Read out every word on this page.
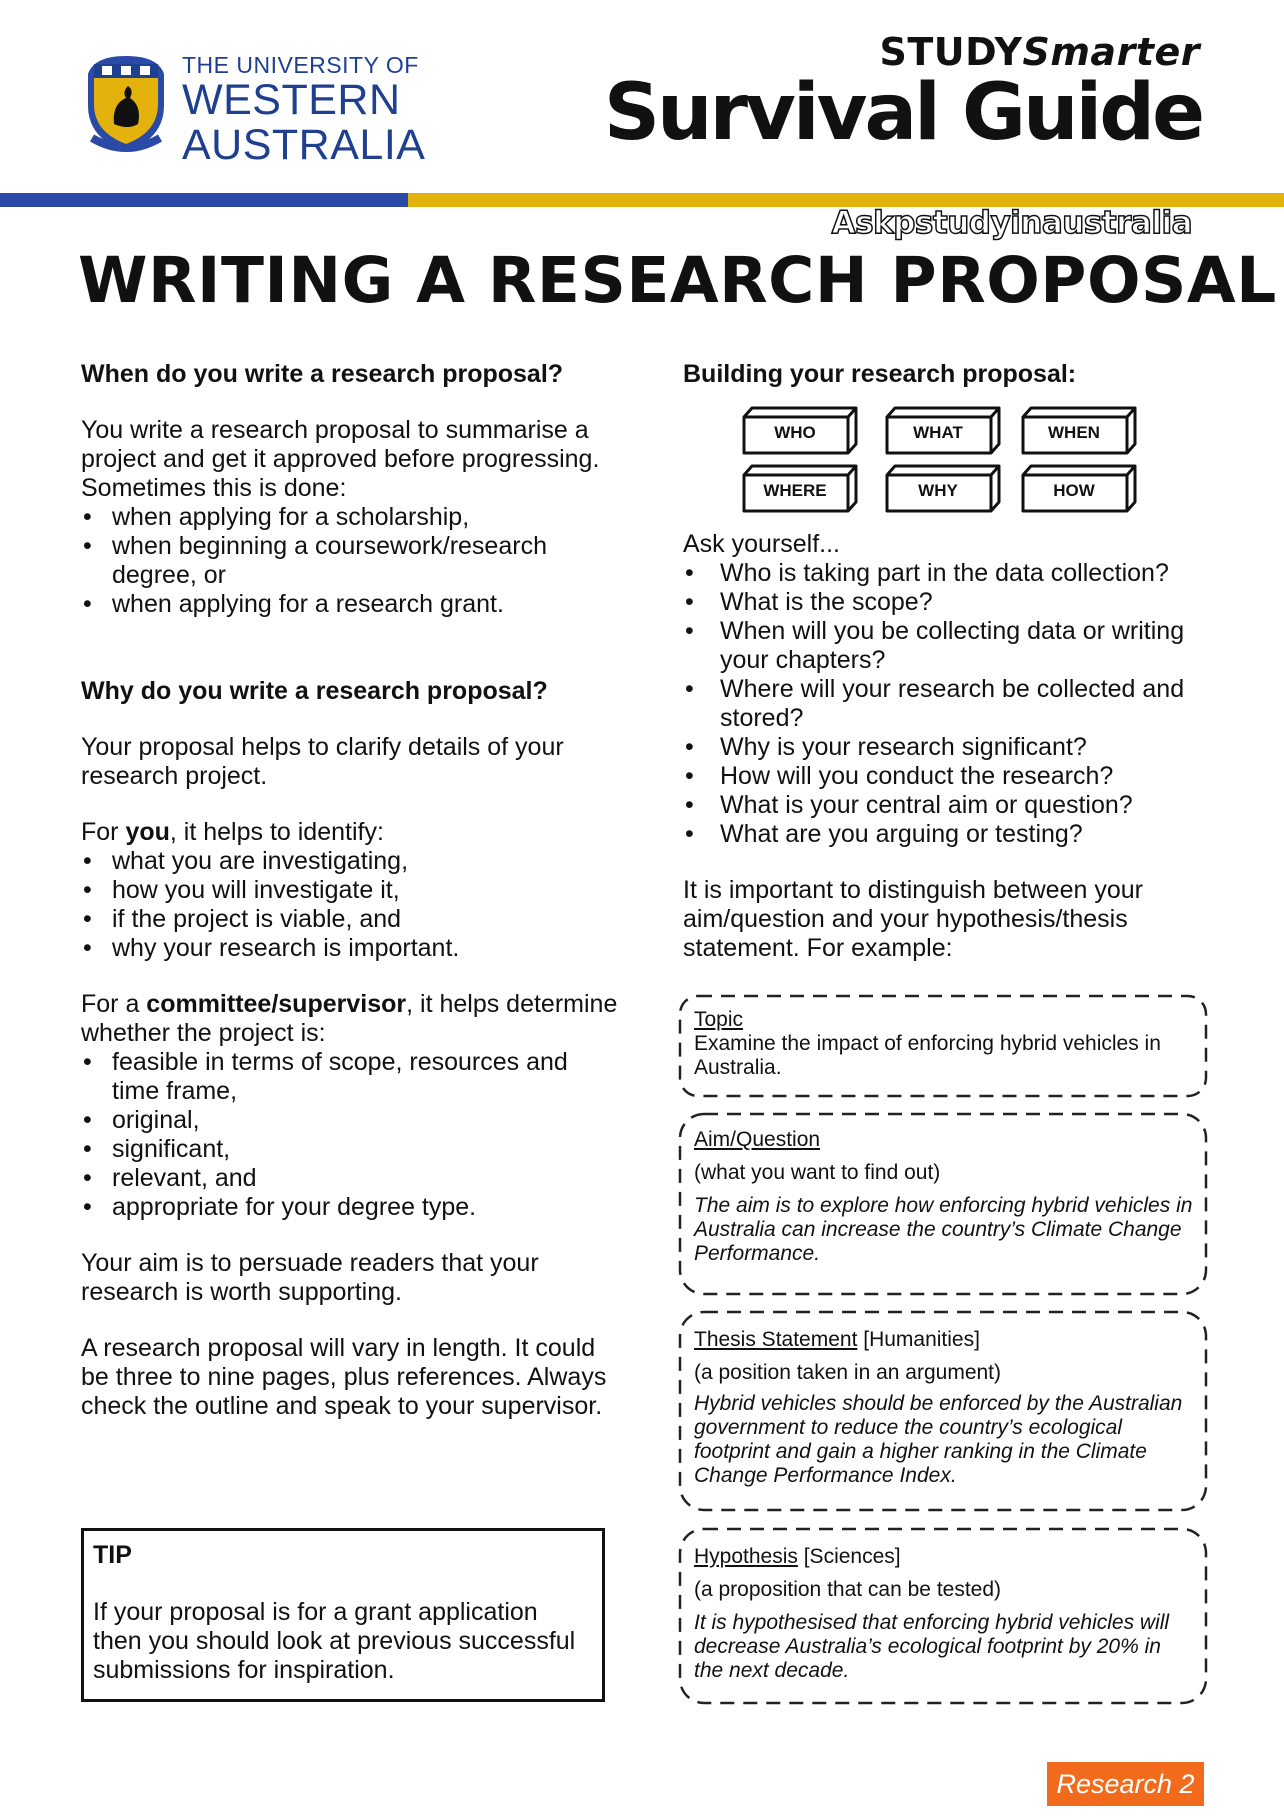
THE UNIVERSITY OF
WESTERN
AUSTRALIA
STUDYSmarter
Survival Guide
Askpstudyinaustralia
WRITING A RESEARCH PROPOSAL
When do you write a research proposal?
You write a research proposal to summarise a project and get it approved before progressing. Sometimes this is done:
• when applying for a scholarship,
• when beginning a coursework/research degree, or
• when applying for a research grant.
Why do you write a research proposal?
Your proposal helps to clarify details of your research project.
For you, it helps to identify:
• what you are investigating,
• how you will investigate it,
• if the project is viable, and
• why your research is important.
For a committee/supervisor, it helps determine whether the project is:
• feasible in terms of scope, resources and time frame,
• original,
• significant,
• relevant, and
• appropriate for your degree type.
Your aim is to persuade readers that your research is worth supporting.
A research proposal will vary in length. It could be three to nine pages, plus references. Always check the outline and speak to your supervisor.
TIP
If your proposal is for a grant application then you should look at previous successful submissions for inspiration.
Building your research proposal:
WHO	WHAT	WHEN
WHERE	WHY	HOW
Ask yourself...
• Who is taking part in the data collection?
• What is the scope?
• When will you be collecting data or writing your chapters?
• Where will your research be collected and stored?
• Why is your research significant?
• How will you conduct the research?
• What is your central aim or question?
• What are you arguing or testing?
It is important to distinguish between your aim/question and your hypothesis/thesis statement. For example:
Topic
Examine the impact of enforcing hybrid vehicles in Australia.
Aim/Question
(what you want to find out)
The aim is to explore how enforcing hybrid vehicles in Australia can increase the country’s Climate Change Performance.
Thesis Statement [Humanities]
(a position taken in an argument)
Hybrid vehicles should be enforced by the Australian government to reduce the country’s ecological footprint and gain a higher ranking in the Climate Change Performance Index.
Hypothesis [Sciences]
(a proposition that can be tested)
It is hypothesised that enforcing hybrid vehicles will decrease Australia’s ecological footprint by 20% in the next decade.
Research 2
